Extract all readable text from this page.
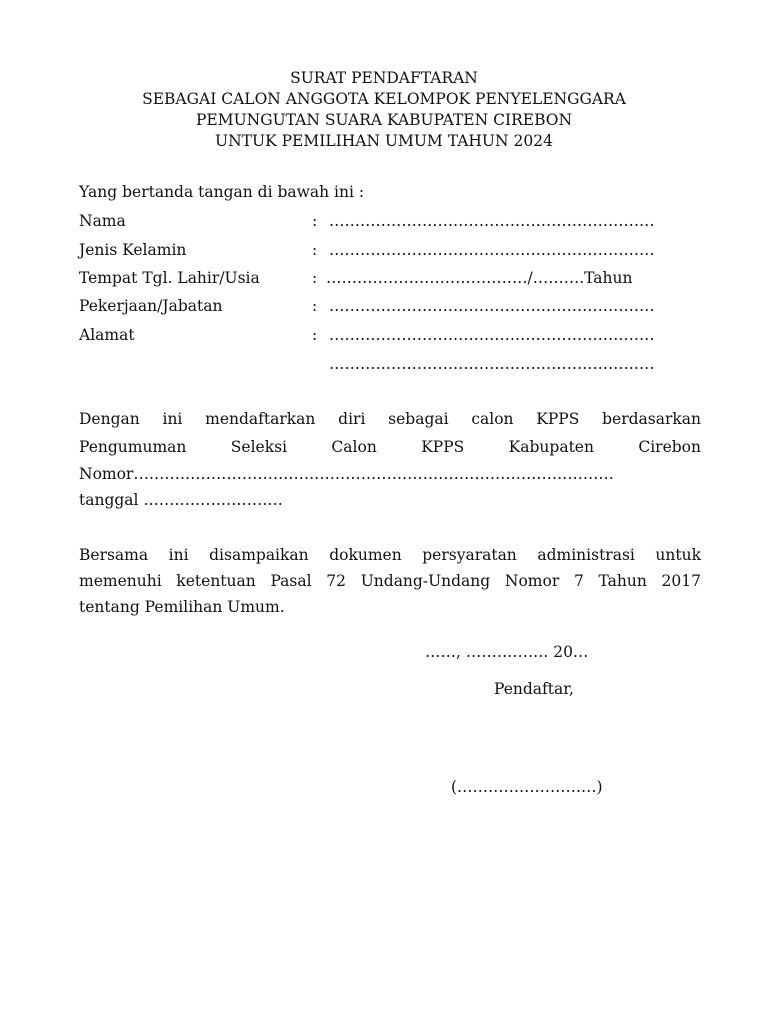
SURAT PENDAFTARAN
SEBAGAI CALON ANGGOTA KELOMPOK PENYELENGGARA
PEMUNGUTAN SUARA KABUPATEN CIREBON
UNTUK PEMILIHAN UMUM TAHUN 2024
Yang bertanda tangan di bawah ini :
Nama	: ………………………………………………………
Jenis Kelamin	: ………………………………………………………
Tempat Tgl. Lahir/Usia	: …………………………………/……….Tahun
Pekerjaan/Jabatan	: ………………………………………………………
Alamat	: ………………………………………………………
………………………………………………………
Dengan ini mendaftarkan diri sebagai calon KPPS berdasarkan
Pengumuman Seleksi Calon KPPS Kabupaten Cirebon
Nomor…………………………………………………………………………………
tanggal ………………………
Bersama ini disampaikan dokumen persyaratan administrasi untuk
memenuhi ketentuan Pasal 72 Undang-Undang Nomor 7 Tahun 2017
tentang Pemilihan Umum.
……, ……………. 20…
Pendaftar,
(………………………)
